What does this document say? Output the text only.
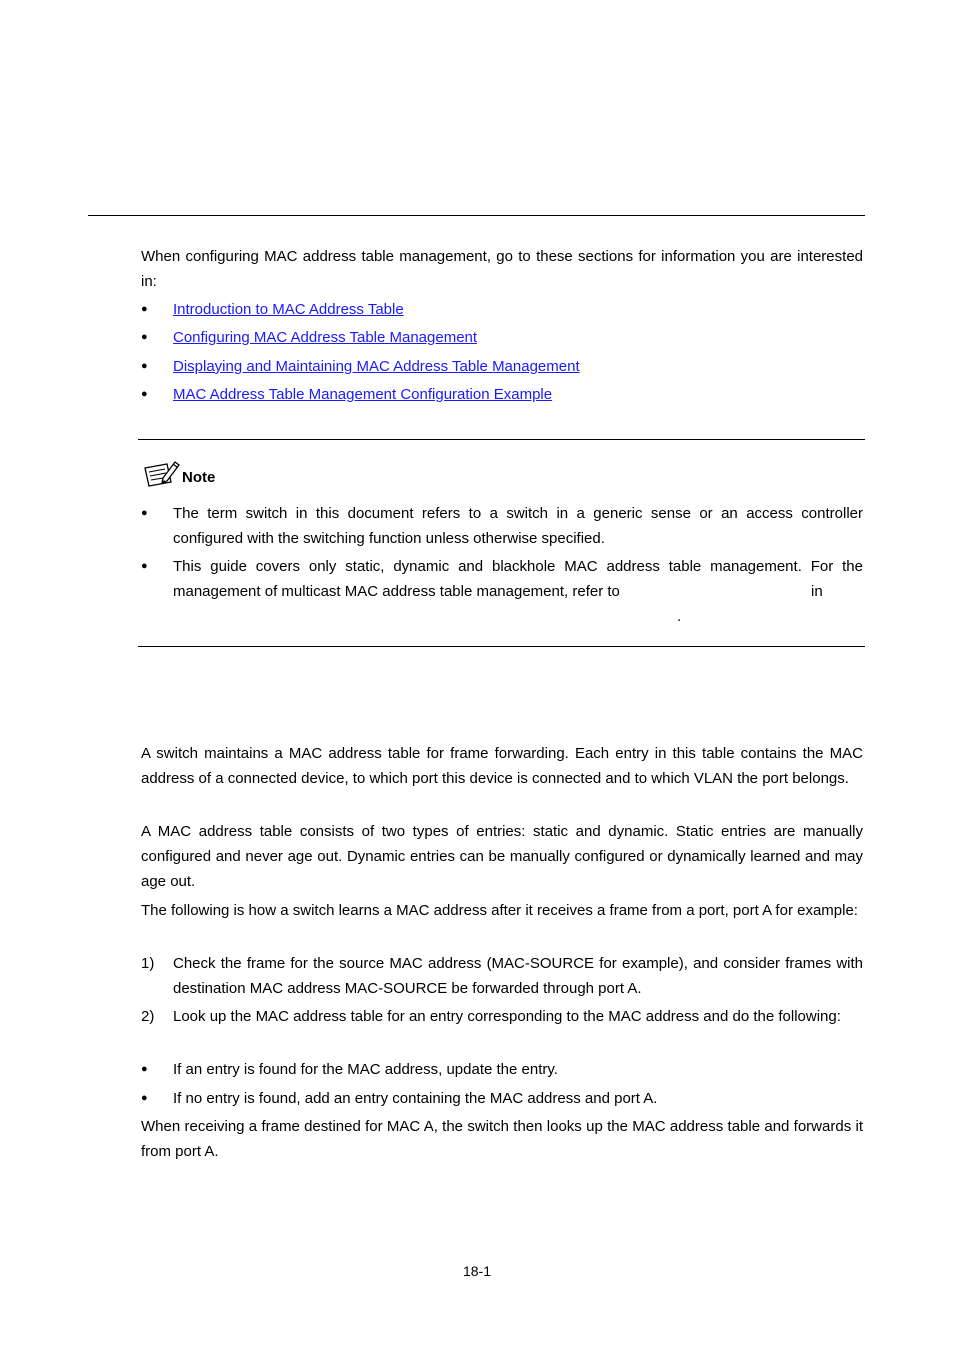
When configuring MAC address table management, go to these sections for information you are interested in:
● Introduction to MAC Address Table
● Configuring MAC Address Table Management
● Displaying and Maintaining MAC Address Table Management
● MAC Address Table Management Configuration Example
Note
● The term switch in this document refers to a switch in a generic sense or an access controller configured with the switching function unless otherwise specified.
● This guide covers only static, dynamic and blackhole MAC address table management. For the management of multicast MAC address table management, refer to	in
.
A switch maintains a MAC address table for frame forwarding. Each entry in this table contains the MAC address of a connected device, to which port this device is connected and to which VLAN the port belongs.
A MAC address table consists of two types of entries: static and dynamic. Static entries are manually configured and never age out. Dynamic entries can be manually configured or dynamically learned and may age out.
The following is how a switch learns a MAC address after it receives a frame from a port, port A for example:
1) Check the frame for the source MAC address (MAC-SOURCE for example), and consider frames with destination MAC address MAC-SOURCE be forwarded through port A.
2) Look up the MAC address table for an entry corresponding to the MAC address and do the following:
● If an entry is found for the MAC address, update the entry.
● If no entry is found, add an entry containing the MAC address and port A.
When receiving a frame destined for MAC A, the switch then looks up the MAC address table and forwards it from port A.
18-1
